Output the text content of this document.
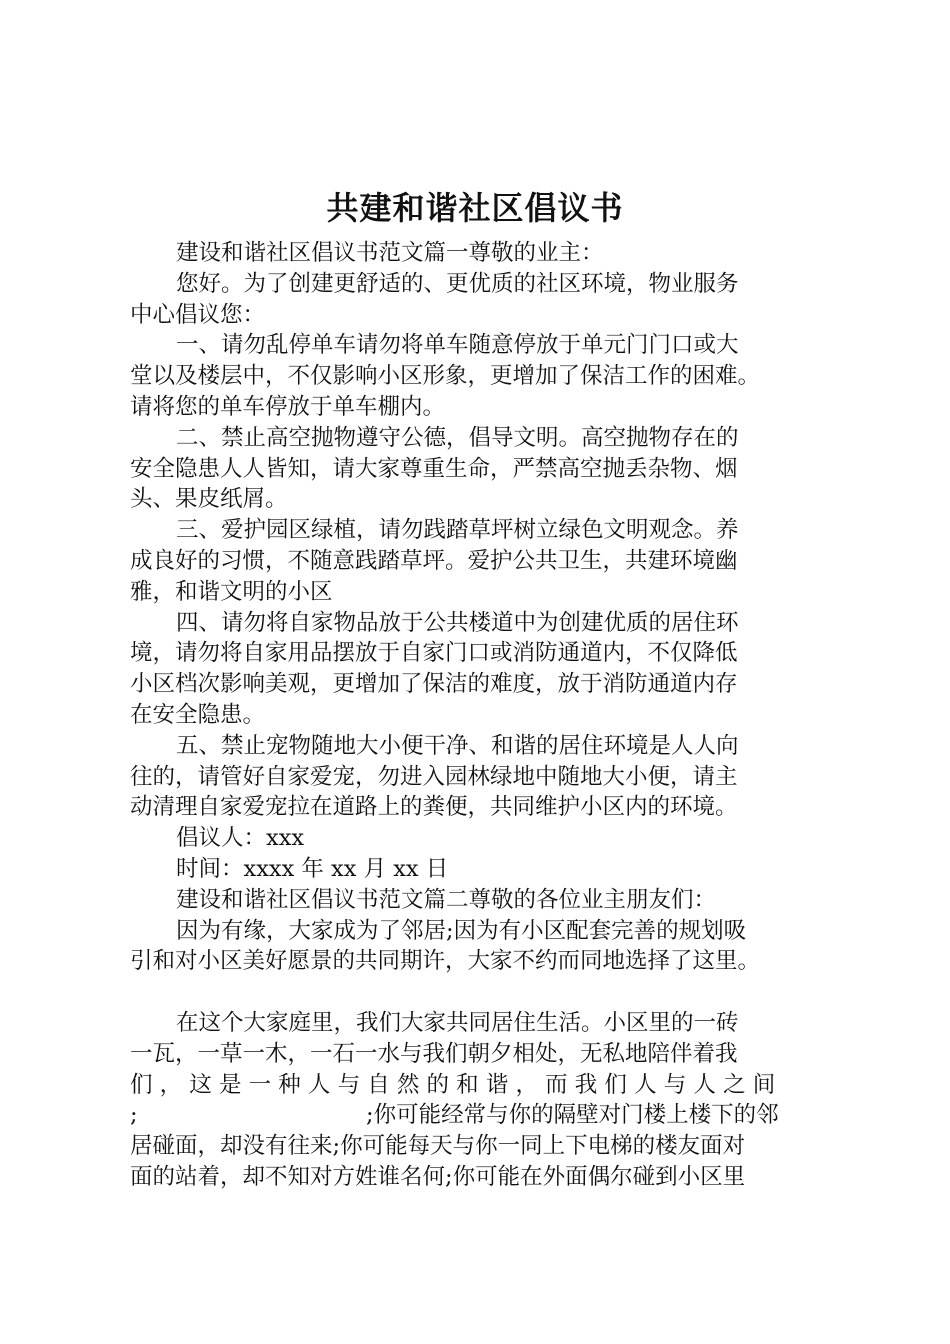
共建和谐社区倡议书
建设和谐社区倡议书范文篇一尊敬的业主：
您好。为了创建更舒适的、更优质的社区环境，物业服务
中心倡议您：
一、请勿乱停单车请勿将单车随意停放于单元门门口或大
堂以及楼层中，不仅影响小区形象，更增加了保洁工作的困难。
请将您的单车停放于单车棚内。
二、禁止高空抛物遵守公德，倡导文明。高空抛物存在的
安全隐患人人皆知，请大家尊重生命，严禁高空抛丢杂物、烟
头、果皮纸屑。
三、爱护园区绿植，请勿践踏草坪树立绿色文明观念。养
成良好的习惯，不随意践踏草坪。爱护公共卫生，共建环境幽
雅，和谐文明的小区
四、请勿将自家物品放于公共楼道中为创建优质的居住环
境，请勿将自家用品摆放于自家门口或消防通道内，不仅降低
小区档次影响美观，更增加了保洁的难度，放于消防通道内存
在安全隐患。
五、禁止宠物随地大小便干净、和谐的居住环境是人人向
往的，请管好自家爱宠，勿进入园林绿地中随地大小便，请主
动清理自家爱宠拉在道路上的粪便，共同维护小区内的环境。
倡议人：xxx
时间：xxxx 年 xx 月 xx 日
建设和谐社区倡议书范文篇二尊敬的各位业主朋友们：
因为有缘，大家成为了邻居;因为有小区配套完善的规划吸
引和对小区美好愿景的共同期许，大家不约而同地选择了这里。
在这个大家庭里，我们大家共同居住生活。小区里的一砖
一瓦，一草一木，一石一水与我们朝夕相处，无私地陪伴着我
们 ， 这 是 一 种 人 与 自 然 的 和 谐 ， 而 我 们 人 与 人 之 间
;	;你可能经常与你的隔壁对门楼上楼下的邻
居碰面，却没有往来;你可能每天与你一同上下电梯的楼友面对
面的站着，却不知对方姓谁名何;你可能在外面偶尔碰到小区里
